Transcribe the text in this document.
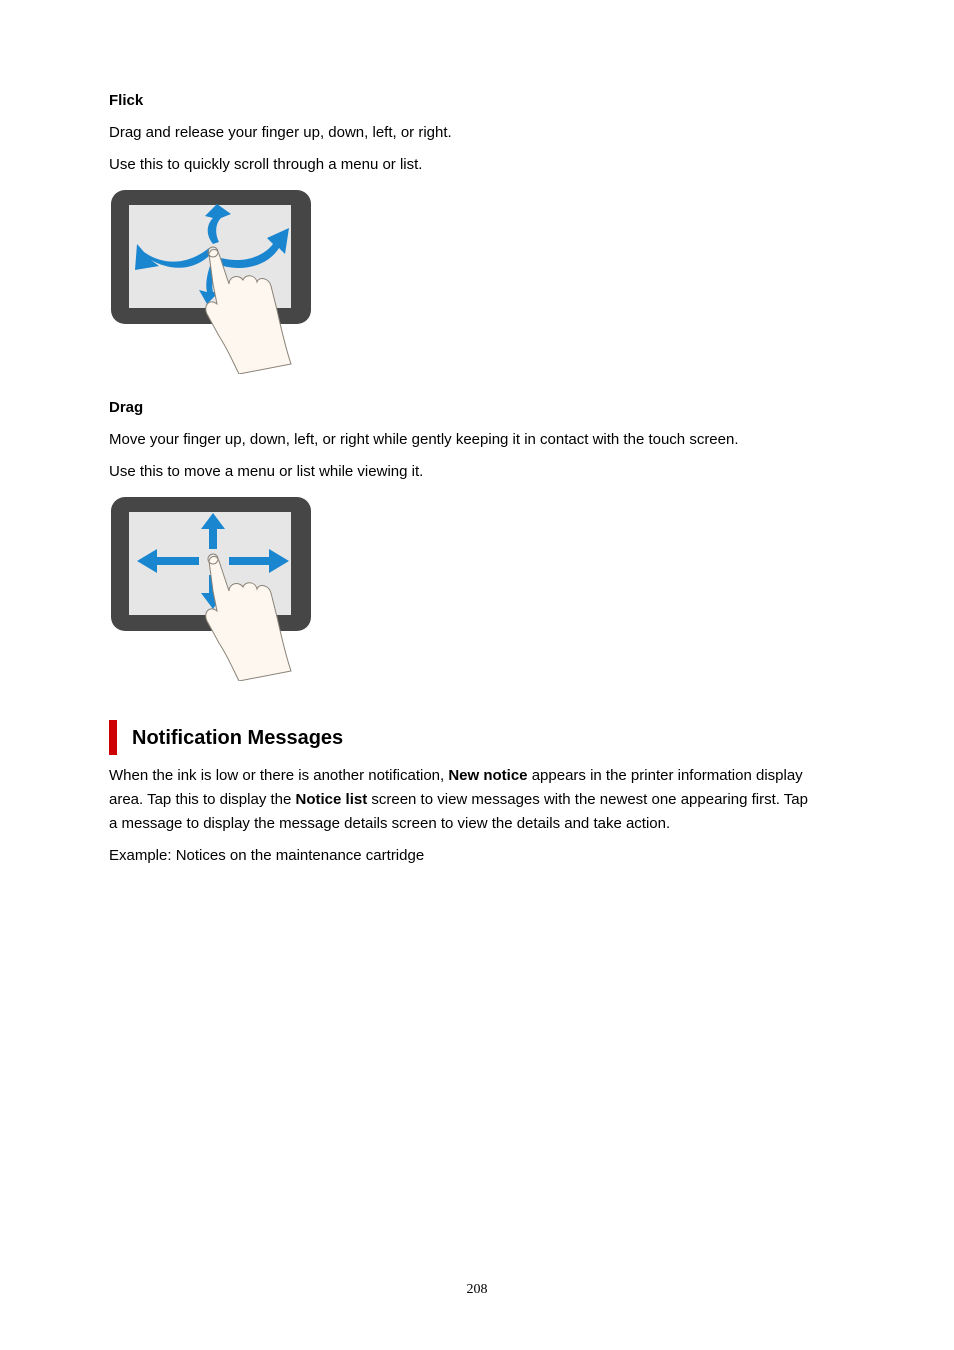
Flick
Drag and release your finger up, down, left, or right.
Use this to quickly scroll through a menu or list.
Drag
Move your finger up, down, left, or right while gently keeping it in contact with the touch screen.
Use this to move a menu or list while viewing it.
Notification Messages
When the ink is low or there is another notification, New notice appears in the printer information display
area. Tap this to display the Notice list screen to view messages with the newest one appearing first. Tap
a message to display the message details screen to view the details and take action.
Example: Notices on the maintenance cartridge
208
